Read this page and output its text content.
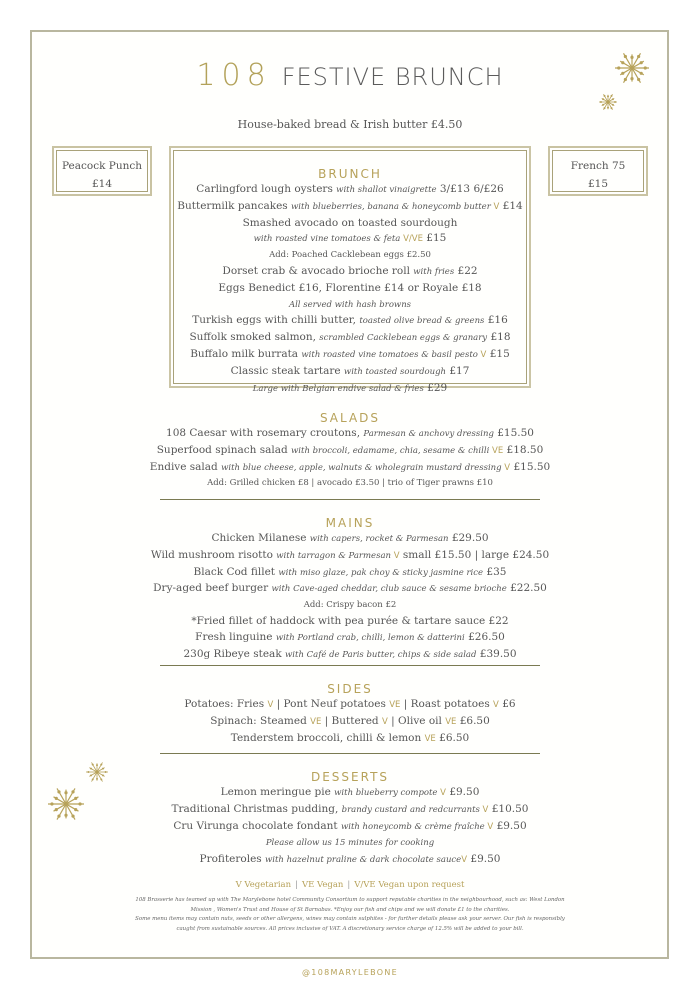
108 FESTIVE BRUNCH
House-baked bread & Irish butter £4.50
Peacock Punch
£14
French 75
£15
BRUNCH
Carlingford lough oysters with shallot vinaigrette 3/£13 6/£26
Buttermilk pancakes with blueberries, banana & honeycomb butter V £14
Smashed avocado on toasted sourdough
with roasted vine tomatoes & feta V/VE £15
Add: Poached Cacklebean eggs £2.50
Dorset crab & avocado brioche roll with fries £22
Eggs Benedict £16, Florentine £14 or Royale £18
All served with hash browns
Turkish eggs with chilli butter, toasted olive bread & greens £16
Suffolk smoked salmon, scrambled Cacklebean eggs & granary £18
Buffalo milk burrata with roasted vine tomatoes & basil pesto V £15
Classic steak tartare with toasted sourdough £17
Large with Belgian endive salad & fries £29
SALADS
108 Caesar with rosemary croutons, Parmesan & anchovy dressing £15.50
Superfood spinach salad with broccoli, edamame, chia, sesame & chilli VE £18.50
Endive salad with blue cheese, apple, walnuts & wholegrain mustard dressing V £15.50
Add: Grilled chicken £8 | avocado £3.50 | trio of Tiger prawns £10
MAINS
Chicken Milanese with capers, rocket & Parmesan £29.50
Wild mushroom risotto with tarragon & Parmesan V small £15.50 | large £24.50
Black Cod fillet with miso glaze, pak choy & sticky jasmine rice £35
Dry-aged beef burger with Cave-aged cheddar, club sauce & sesame brioche £22.50
Add: Crispy bacon £2
*Fried fillet of haddock with pea purée & tartare sauce £22
Fresh linguine with Portland crab, chilli, lemon & datterini £26.50
230g Ribeye steak with Café de Paris butter, chips & side salad £39.50
SIDES
Potatoes: Fries V | Pont Neuf potatoes VE | Roast potatoes V £6
Spinach: Steamed VE | Buttered V | Olive oil VE £6.50
Tenderstem broccoli, chilli & lemon VE £6.50
DESSERTS
Lemon meringue pie with blueberry compote V £9.50
Traditional Christmas pudding, brandy custard and redcurrants V £10.50
Cru Virunga chocolate fondant with honeycomb & crème fraîche V £9.50
Please allow us 15 minutes for cooking
Profiteroles with hazelnut praline & dark chocolate sauceV £9.50
V Vegetarian | VE Vegan | V/VE Vegan upon request
108 Brasserie has teamed up with The Marylebone hotel Community Consortium to support reputable charities in the neighbourhood, such as: West London
Mission , Women's Trust and House of St Barnabas. *Enjoy our fish and chips and we will donate £1 to the charities.
Some menu items may contain nuts, seeds or other allergens, wines may contain sulphites - for further details please ask your server. Our fish is responsibly
caught from sustainable sources. All prices inclusive of VAT. A discretionary service charge of 12.5% will be added to your bill.
@108MARYLEBONE
